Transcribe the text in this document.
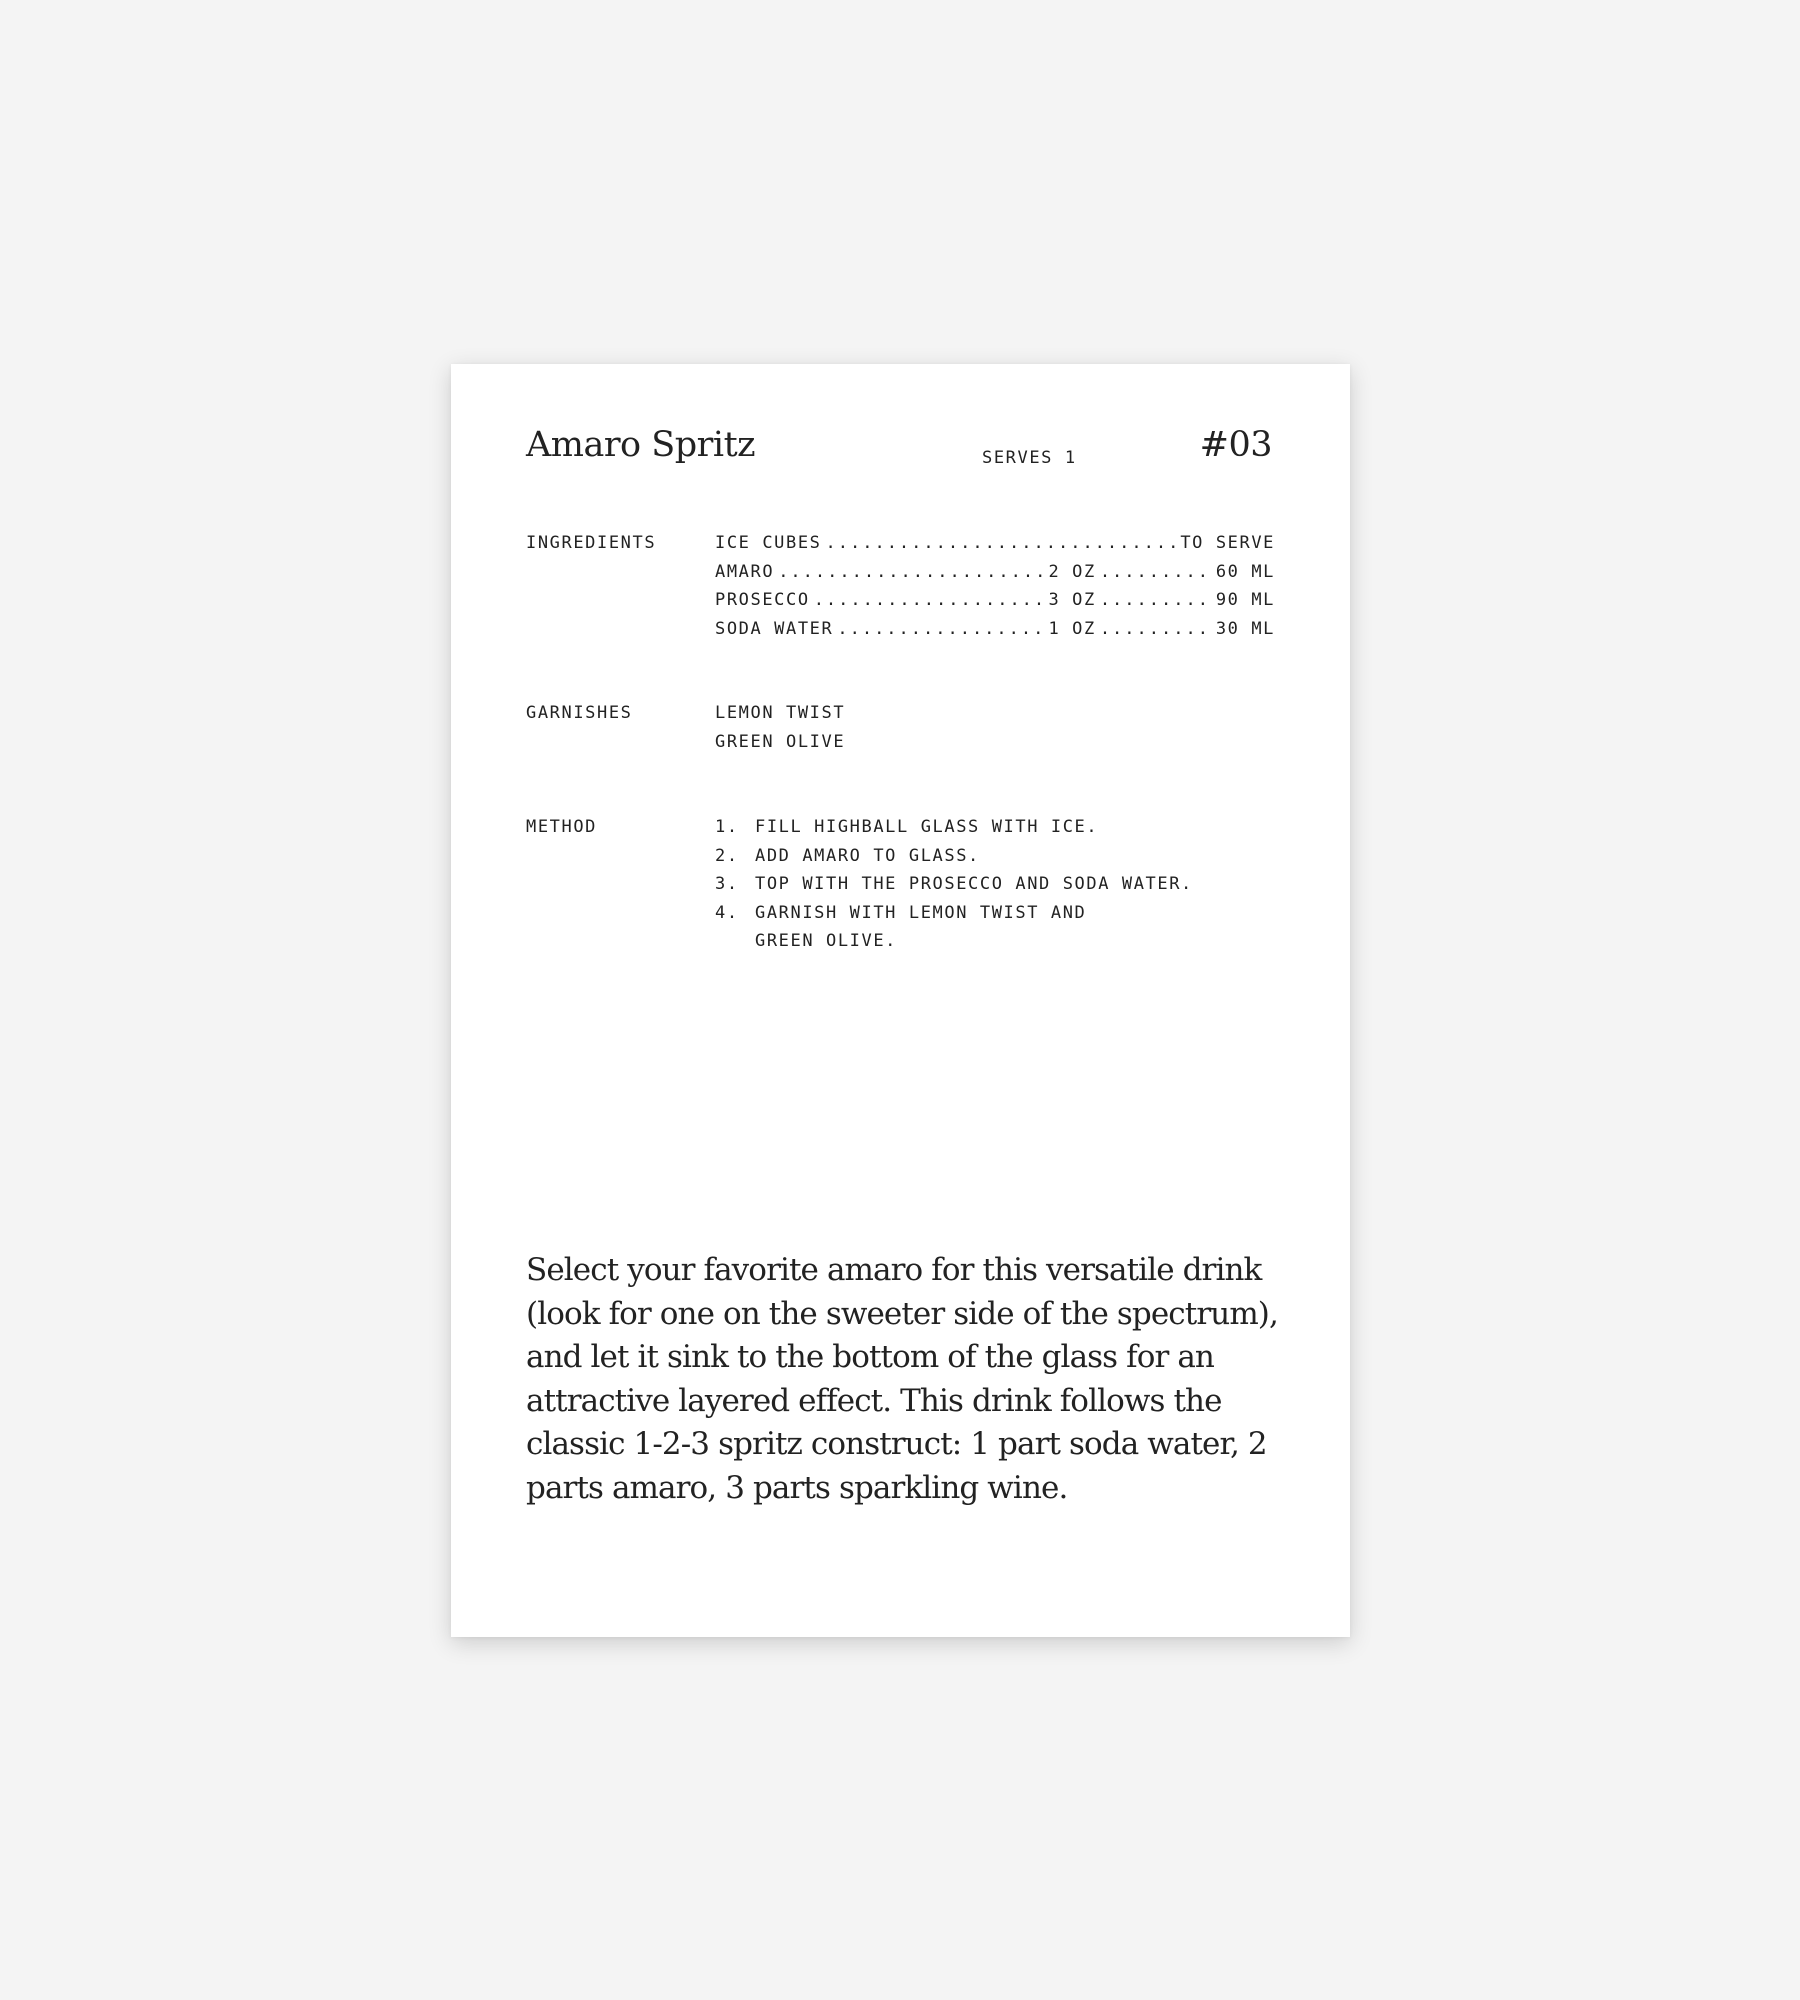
Amaro Spritz	SERVES 1	#03
INGREDIENTS	ICE CUBES .....	TO SERVE
AMARO .....	2 OZ .....	60 ML
PROSECCO .....	3 OZ .....	90 ML
SODA WATER .....	1 OZ .....	30 ML
GARNISHES	LEMON TWIST
GREEN OLIVE
METHOD	1. FILL HIGHBALL GLASS WITH ICE.
2. ADD AMARO TO GLASS.
3. TOP WITH THE PROSECCO AND SODA WATER.
4. GARNISH WITH LEMON TWIST AND
GREEN OLIVE.
Select your favorite amaro for this versatile drink (look for one on the sweeter side of the spectrum), and let it sink to the bottom of the glass for an attractive layered effect. This drink follows the classic 1-2-3 spritz construct: 1 part soda water, 2 parts amaro, 3 parts sparkling wine.
